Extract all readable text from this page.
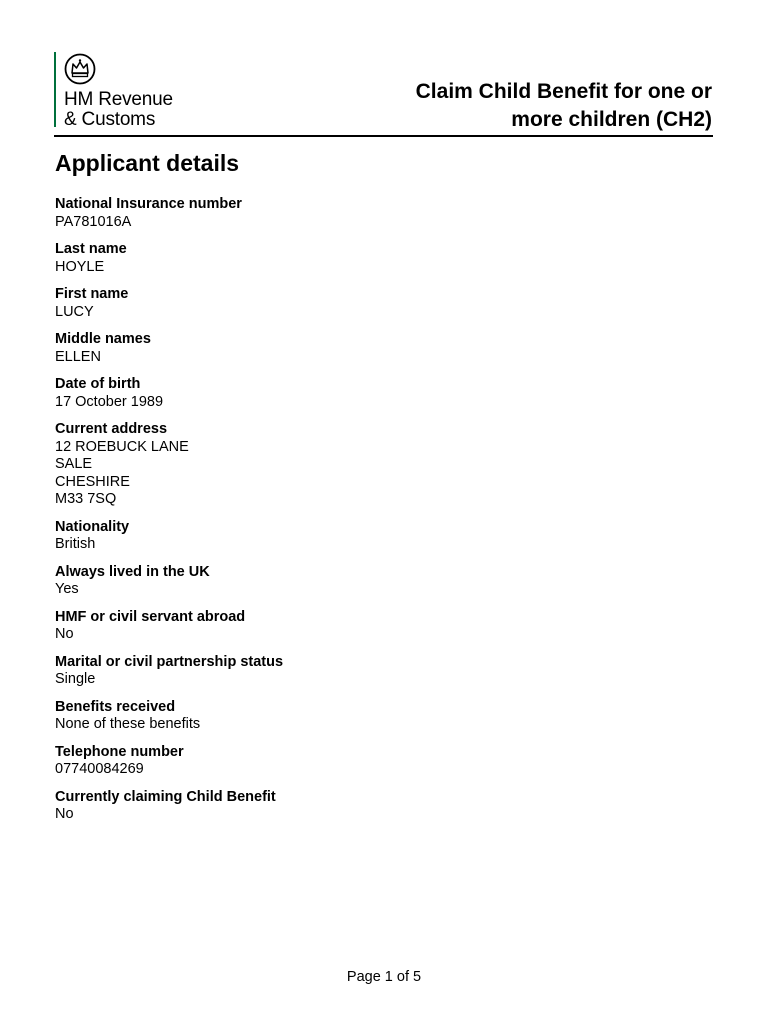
HM Revenue
& Customs
Claim Child Benefit for one or
more children (CH2)
Applicant details
National Insurance number
PA781016A
Last name
HOYLE
First name
LUCY
Middle names
ELLEN
Date of birth
17 October 1989
Current address
12 ROEBUCK LANE
SALE
CHESHIRE
M33 7SQ
Nationality
British
Always lived in the UK
Yes
HMF or civil servant abroad
No
Marital or civil partnership status
Single
Benefits received
None of these benefits
Telephone number
07740084269
Currently claiming Child Benefit
No
Page 1 of 5
